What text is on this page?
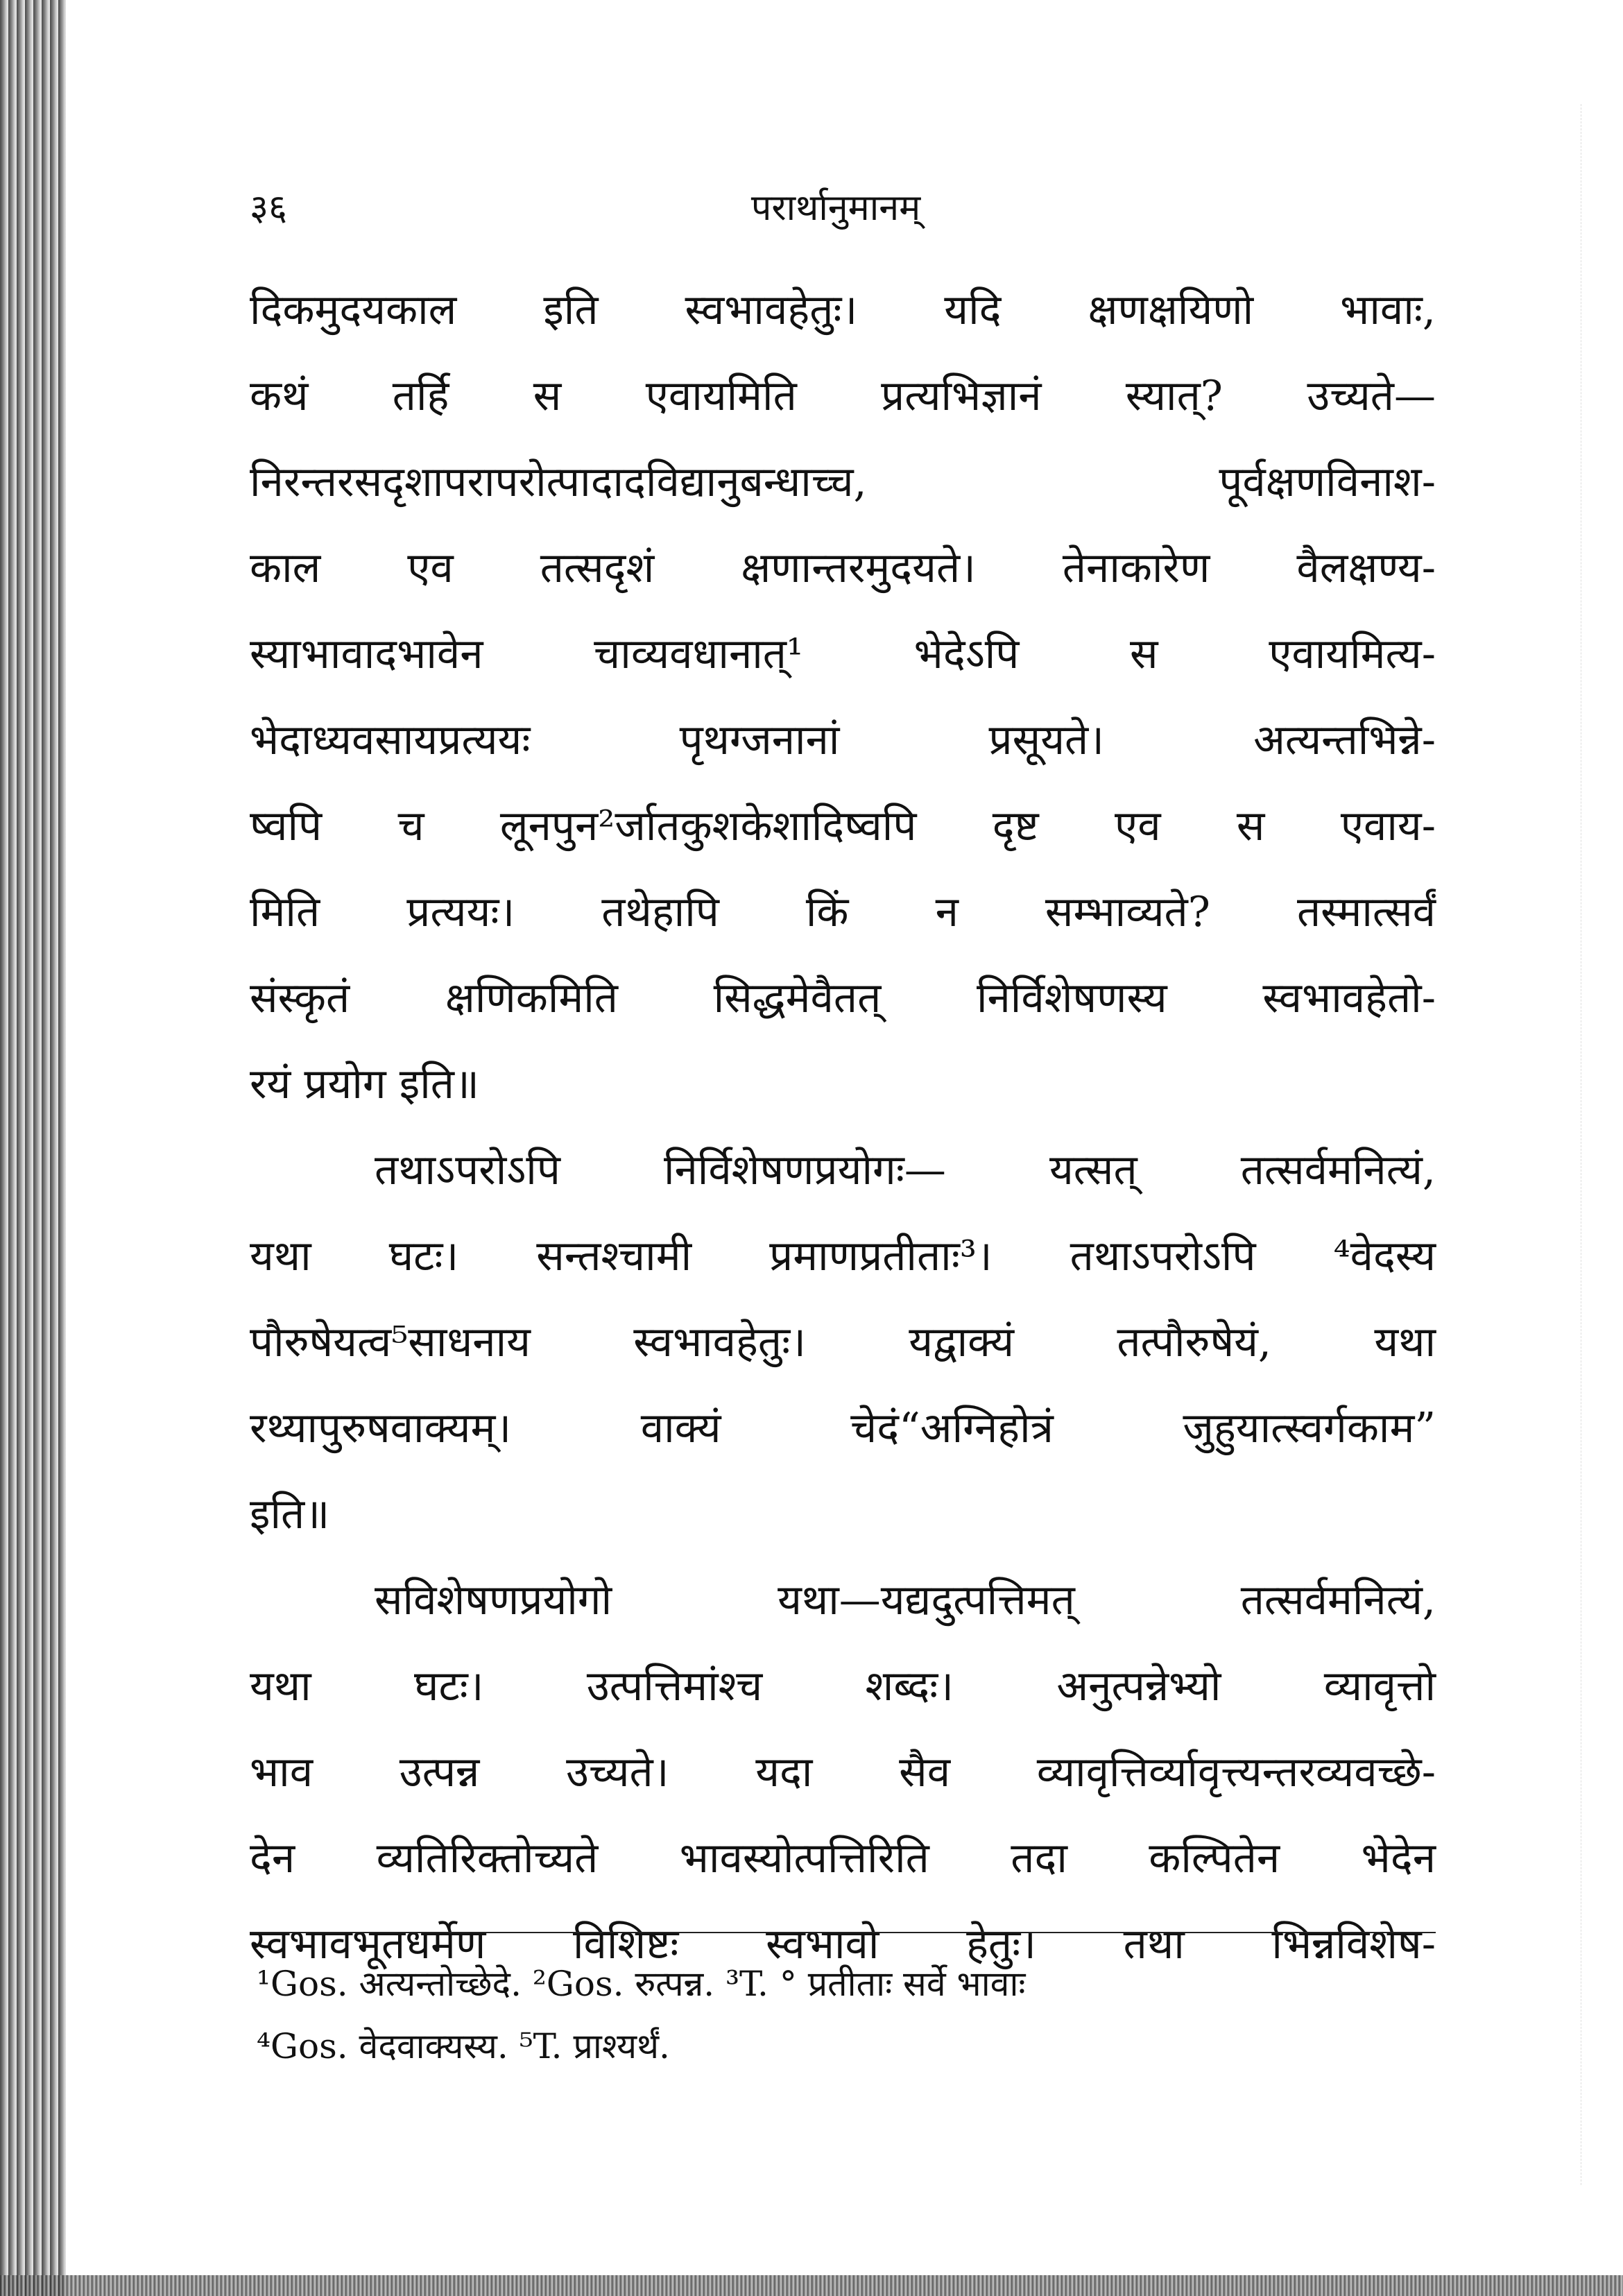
३६	परार्थानुमानम्
दिकमुदयकाल इति स्वभावहेतुः। यदि क्षणक्षयिणो भावाः,
कथं तर्हि स एवायमिति प्रत्यभिज्ञानं स्यात्? उच्यते—
निरन्तरसदृशापरापरोत्पादादविद्यानुबन्धाच्च, पूर्वक्षणविनाश-
काल एव तत्सदृशं क्षणान्तरमुदयते। तेनाकारेण वैलक्षण्य-
स्याभावादभावेन चाव्यवधानात्¹ भेदेऽपि स एवायमित्य-
भेदाध्यवसायप्रत्ययः पृथग्जनानां प्रसूयते। अत्यन्तभिन्ने-
ष्वपि च लूनपुन²र्जातकुशकेशादिष्वपि दृष्ट एव स एवाय-
मिति प्रत्ययः। तथेहापि किं न सम्भाव्यते? तस्मात्सर्वं
संस्कृतं क्षणिकमिति सिद्धमेवैतत् निर्विशेषणस्य स्वभावहेतो-
रयं प्रयोग इति॥
तथाऽपरोऽपि निर्विशेषणप्रयोगः— यत्सत् तत्सर्वमनित्यं,
यथा घटः। सन्तश्चामी प्रमाणप्रतीताः³। तथाऽपरोऽपि ⁴वेदस्य
पौरुषेयत्व⁵साधनाय स्वभावहेतुः। यद्वाक्यं तत्पौरुषेयं, यथा
रथ्यापुरुषवाक्यम्। वाक्यं चेदं“अग्निहोत्रं जुहुयात्स्वर्गकाम”
इति॥
सविशेषणप्रयोगो यथा—यद्यदुत्पत्तिमत् तत्सर्वमनित्यं,
यथा घटः। उत्पत्तिमांश्च शब्दः। अनुत्पन्नेभ्यो व्यावृत्तो
भाव उत्पन्न उच्यते। यदा सैव व्यावृत्तिर्व्यावृत्त्यन्तरव्यवच्छे-
देन व्यतिरिक्तोच्यते भावस्योत्पत्तिरिति तदा कल्पितेन भेदेन
स्वभावभूतधर्मेण विशिष्टः स्वभावो हेतुः। तथा भिन्नविशेष-
¹Gos. अत्यन्तोच्छेदे. ²Gos. रुत्पन्न. ³T. ° प्रतीताः सर्वे भावाः
⁴Gos. वेदवाक्यस्य. ⁵T. प्राश्यर्थं.
